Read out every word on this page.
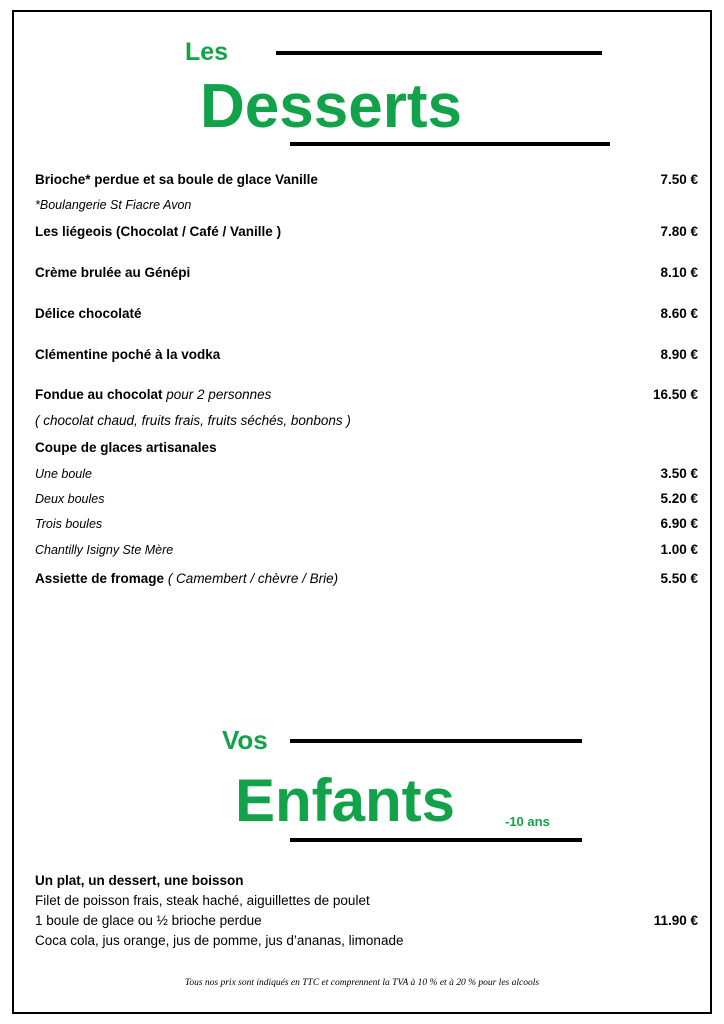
Les
Desserts
Brioche* perdue et sa boule de glace Vanille	7.50 €
*Boulangerie St Fiacre Avon
Les liégeois (Chocolat / Café / Vanille )	7.80 €
Crème brulée au Génépi	8.10 €
Délice chocolaté	8.60 €
Clémentine poché à la vodka	8.90 €
Fondue au chocolat pour 2 personnes	16.50 €
( chocolat chaud, fruits frais, fruits séchés, bonbons )
Coupe de glaces artisanales
Une boule	3.50 €
Deux boules	5.20 €
Trois boules	6.90 €
Chantilly Isigny Ste Mère	1.00 €
Assiette de fromage ( Camembert / chèvre / Brie)	5.50 €
Vos
Enfants	-10 ans
Un plat, un dessert, une boisson
Filet de poisson frais, steak haché, aiguillettes de poulet
1 boule de glace ou ½ brioche perdue	11.90 €
Coca cola, jus orange, jus de pomme, jus d’ananas, limonade
Tous nos prix sont indiqués en TTC et comprennent la TVA à 10 % et à 20 % pour les alcools
